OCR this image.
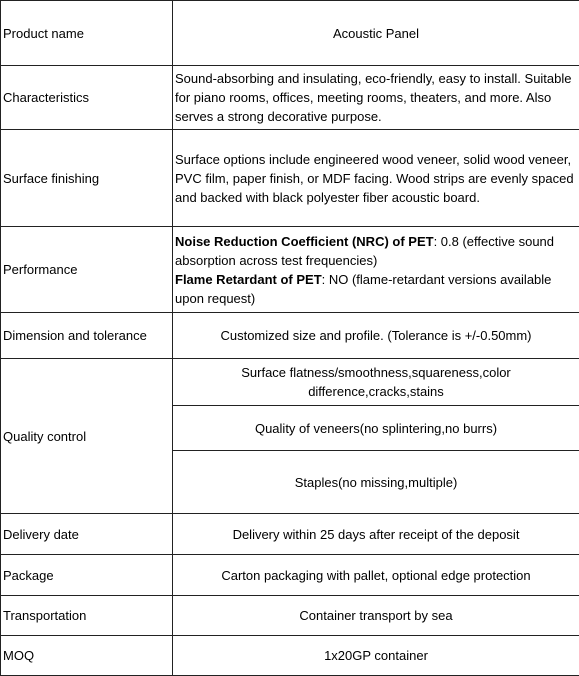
Product name	Acoustic Panel
Characteristics	Sound-absorbing and insulating, eco-friendly, easy to install. Suitable for piano rooms, offices, meeting rooms, theaters, and more. Also serves a strong decorative purpose.
Surface finishing	Surface options include engineered wood veneer, solid wood veneer, PVC film, paper finish, or MDF facing. Wood strips are evenly spaced and backed with black polyester fiber acoustic board.
Performance	Noise Reduction Coefficient (NRC) of PET: 0.8 (effective sound absorption across test frequencies)
Flame Retardant of PET: NO (flame-retardant versions available upon request)
Dimension and tolerance	Customized size and profile. (Tolerance is +/-0.50mm)
Quality control	Surface flatness/smoothness,squareness,color difference,cracks,stains
	Quality of veneers(no splintering,no burrs)
	Staples(no missing,multiple)
Delivery date	Delivery within 25 days after receipt of the deposit
Package	Carton packaging with pallet, optional edge protection
Transportation	Container transport by sea
MOQ	1x20GP container
